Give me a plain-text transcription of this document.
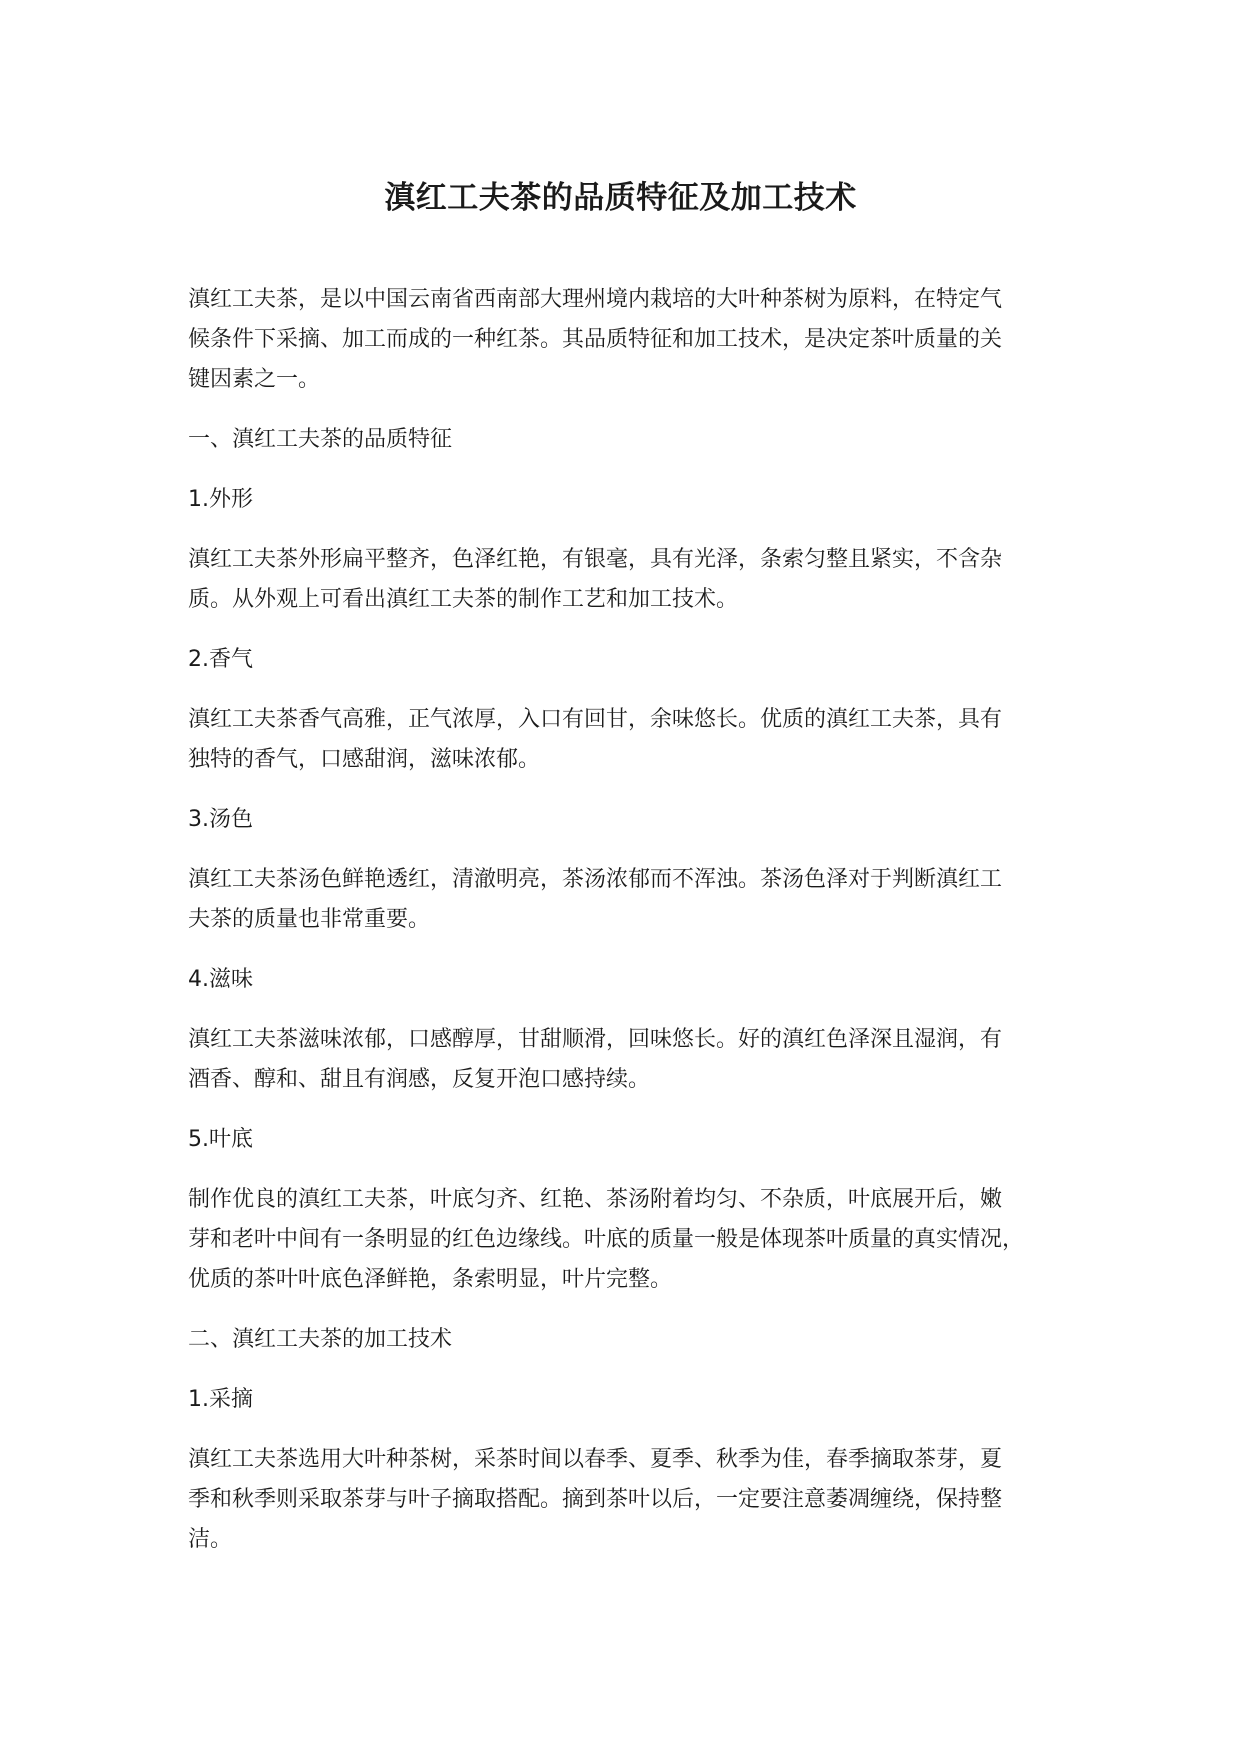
滇红工夫茶的品质特征及加工技术

滇红工夫茶，是以中国云南省西南部大理州境内栽培的大叶种茶树为原料，在特定气
候条件下采摘、加工而成的一种红茶。其品质特征和加工技术，是决定茶叶质量的关
键因素之一。

一、滇红工夫茶的品质特征
1.外形

滇红工夫茶外形扁平整齐，色泽红艳，有银毫，具有光泽，条索匀整且紧实，不含杂
质。从外观上可看出滇红工夫茶的制作工艺和加工技术。

2.香气

滇红工夫茶香气高雅，正气浓厚，入口有回甘，余味悠长。优质的滇红工夫茶，具有
独特的香气，口感甜润，滋味浓郁。

3.汤色

滇红工夫茶汤色鲜艳透红，清澈明亮，茶汤浓郁而不浑浊。茶汤色泽对于判断滇红工
夫茶的质量也非常重要。

4.滋味

滇红工夫茶滋味浓郁，口感醇厚，甘甜顺滑，回味悠长。好的滇红色泽深且湿润，有
酒香、醇和、甜且有润感，反复开泡口感持续。

5.叶底

制作优良的滇红工夫茶，叶底匀齐、红艳、茶汤附着均匀、不杂质，叶底展开后，嫩
芽和老叶中间有一条明显的红色边缘线。叶底的质量一般是体现茶叶质量的真实情况，
优质的茶叶叶底色泽鲜艳，条索明显，叶片完整。

二、滇红工夫茶的加工技术
1.采摘

滇红工夫茶选用大叶种茶树，采茶时间以春季、夏季、秋季为佳，春季摘取茶芽，夏
季和秋季则采取茶芽与叶子摘取搭配。摘到茶叶以后，一定要注意萎凋缠绕，保持整
洁。
